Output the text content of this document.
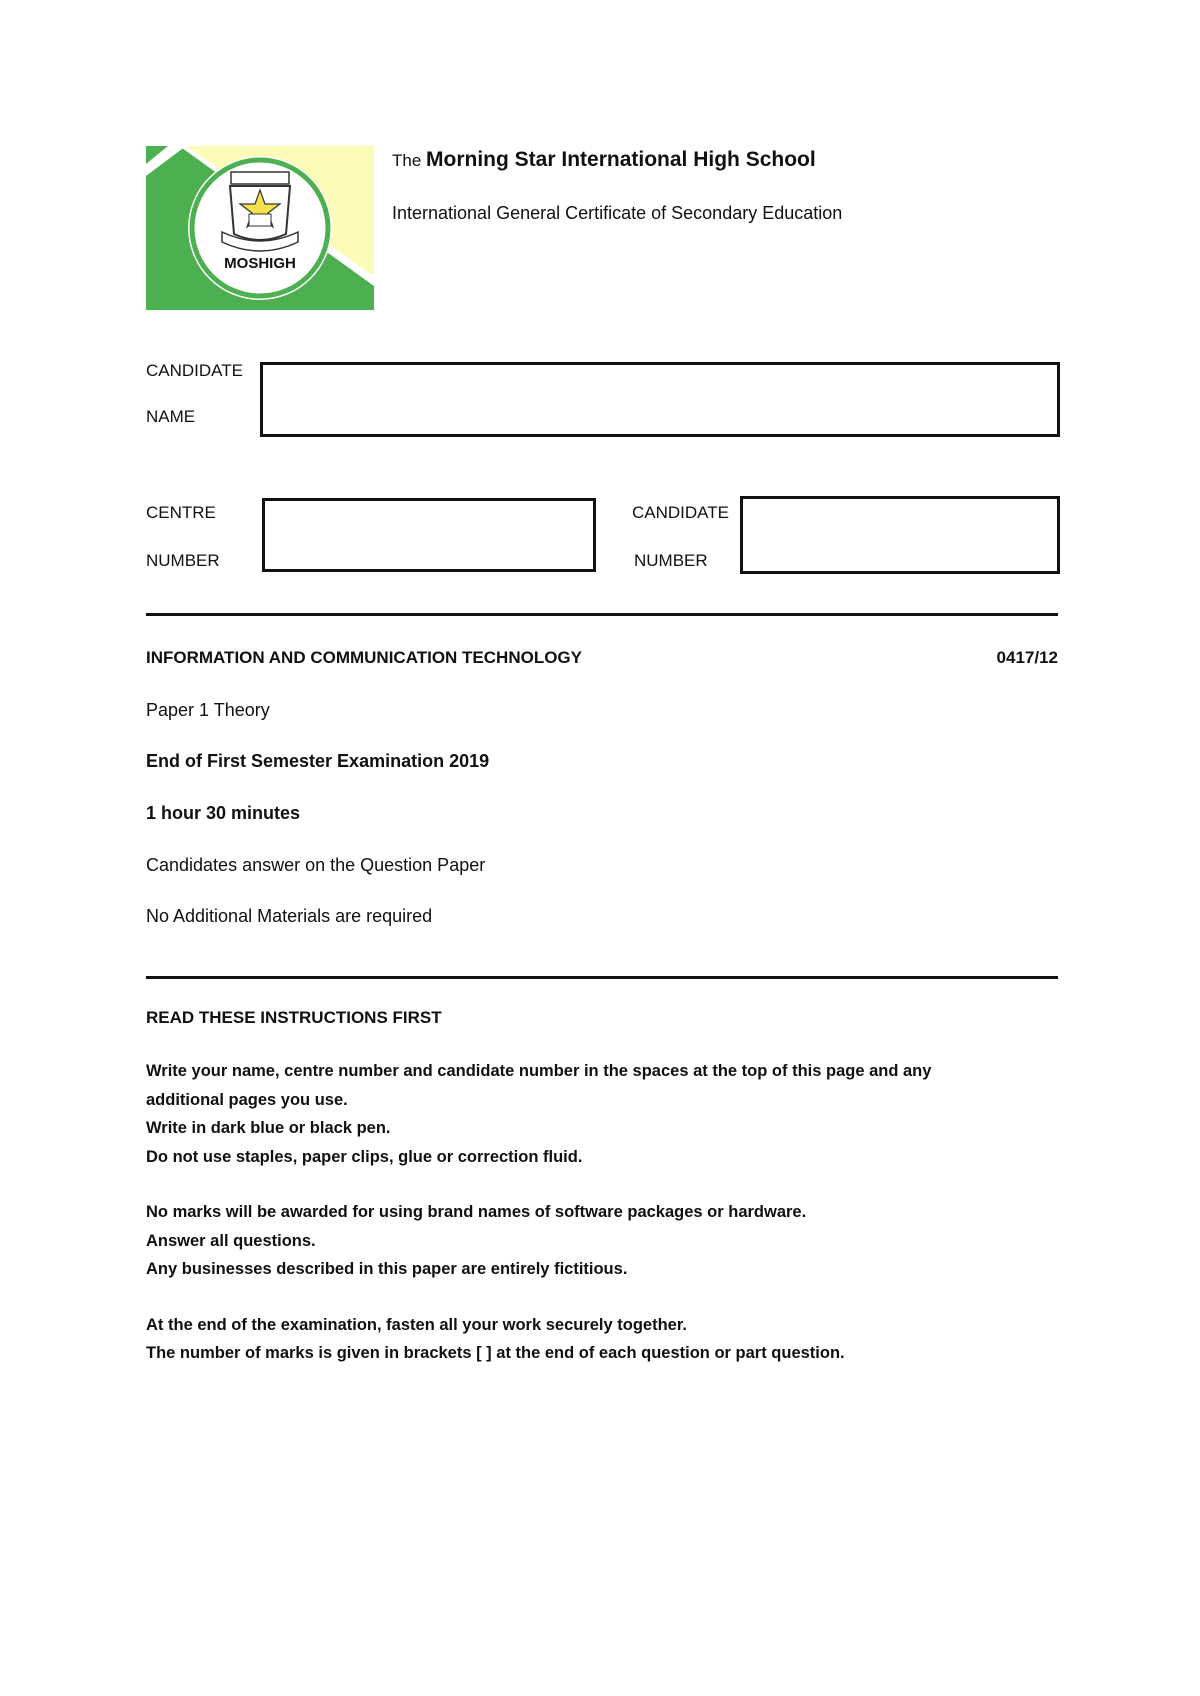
MOSHIGH
The Morning Star International High School
International General Certificate of Secondary Education
CANDIDATE
NAME
CENTRE
NUMBER
CANDIDATE
NUMBER
INFORMATION AND COMMUNICATION TECHNOLOGY	0417/12
Paper 1 Theory
End of First Semester Examination 2019
1 hour 30 minutes
Candidates answer on the Question Paper
No Additional Materials are required
READ THESE INSTRUCTIONS FIRST
Write your name, centre number and candidate number in the spaces at the top of this page and any
additional pages you use.
Write in dark blue or black pen.
Do not use staples, paper clips, glue or correction fluid.
No marks will be awarded for using brand names of software packages or hardware.
Answer all questions.
Any businesses described in this paper are entirely fictitious.
At the end of the examination, fasten all your work securely together.
The number of marks is given in brackets [ ] at the end of each question or part question.
